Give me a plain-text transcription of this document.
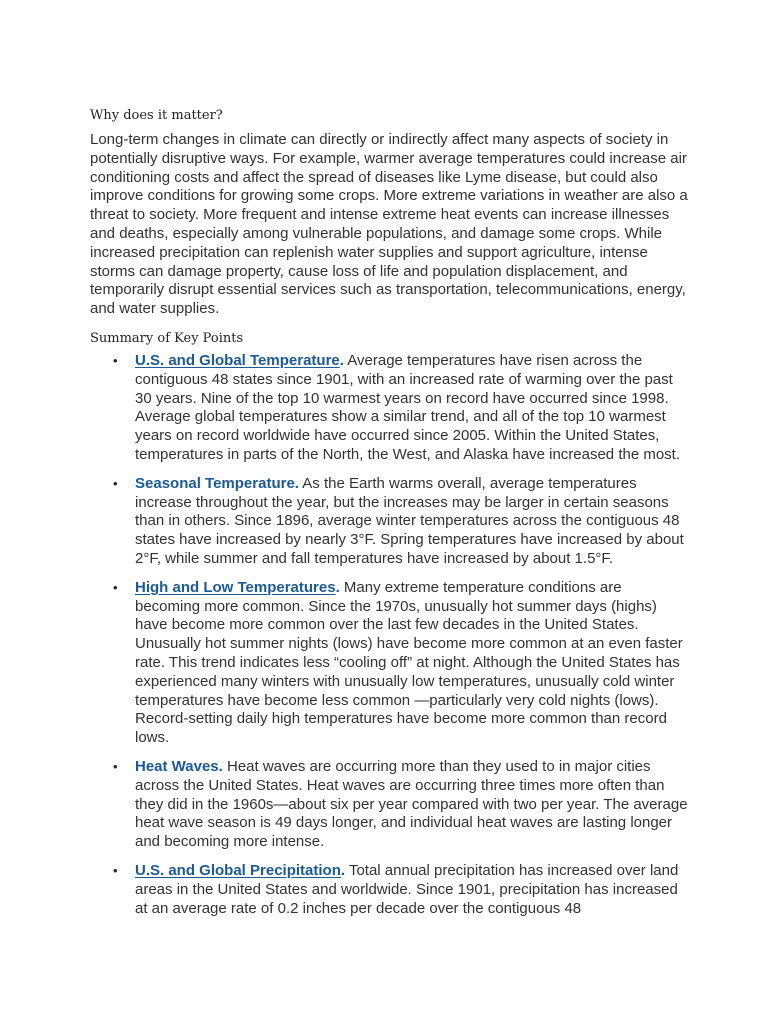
Why does it matter?

Long-term changes in climate can directly or indirectly affect many aspects of society in potentially disruptive ways. For example, warmer average temperatures could increase air conditioning costs and affect the spread of diseases like Lyme disease, but could also improve conditions for growing some crops. More extreme variations in weather are also a threat to society. More frequent and intense extreme heat events can increase illnesses and deaths, especially among vulnerable populations, and damage some crops. While increased precipitation can replenish water supplies and support agriculture, intense storms can damage property, cause loss of life and population displacement, and temporarily disrupt essential services such as transportation, telecommunications, energy, and water supplies.

Summary of Key Points
• U.S. and Global Temperature. Average temperatures have risen across the contiguous 48 states since 1901, with an increased rate of warming over the past 30 years. Nine of the top 10 warmest years on record have occurred since 1998. Average global temperatures show a similar trend, and all of the top 10 warmest years on record worldwide have occurred since 2005. Within the United States, temperatures in parts of the North, the West, and Alaska have increased the most.
• Seasonal Temperature. As the Earth warms overall, average temperatures increase throughout the year, but the increases may be larger in certain seasons than in others. Since 1896, average winter temperatures across the contiguous 48 states have increased by nearly 3°F. Spring temperatures have increased by about 2°F, while summer and fall temperatures have increased by about 1.5°F.
• High and Low Temperatures. Many extreme temperature conditions are becoming more common. Since the 1970s, unusually hot summer days (highs) have become more common over the last few decades in the United States. Unusually hot summer nights (lows) have become more common at an even faster rate. This trend indicates less “cooling off” at night. Although the United States has experienced many winters with unusually low temperatures, unusually cold winter temperatures have become less common —particularly very cold nights (lows). Record-setting daily high temperatures have become more common than record lows.
• Heat Waves. Heat waves are occurring more than they used to in major cities across the United States. Heat waves are occurring three times more often than they did in the 1960s—about six per year compared with two per year. The average heat wave season is 49 days longer, and individual heat waves are lasting longer and becoming more intense.
• U.S. and Global Precipitation. Total annual precipitation has increased over land areas in the United States and worldwide. Since 1901, precipitation has increased at an average rate of 0.2 inches per decade over the contiguous 48
